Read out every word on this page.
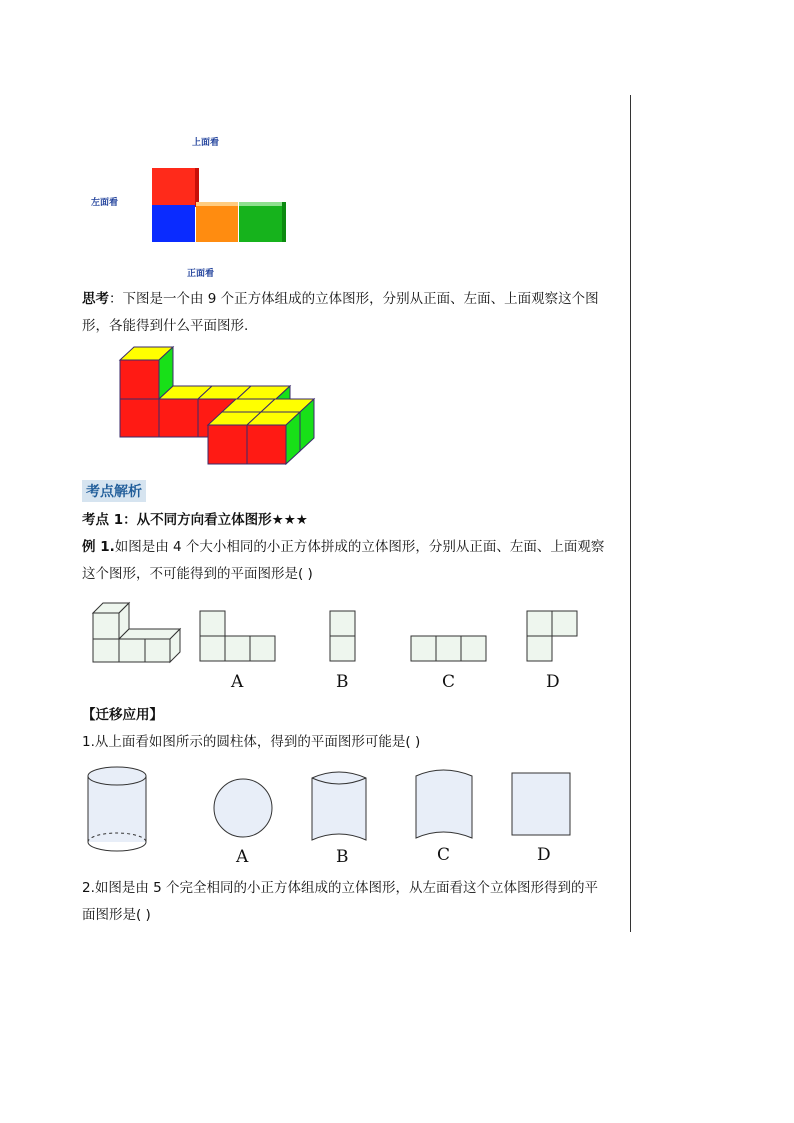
上面看
左面看
正面看
思考：下图是一个由 9 个正方体组成的立体图形，分别从正面、左面、上面观察这个图
形，各能得到什么平面图形.
考点解析
考点 1：从不同方向看立体图形★★★
例 1.如图是由 4 个大小相同的小正方体拼成的立体图形，分别从正面、左面、上面观察
这个图形，不可能得到的平面图形是( )
A	B	C	D
【迁移应用】
1.从上面看如图所示的圆柱体，得到的平面图形可能是( )
A	B	C	D
2.如图是由 5 个完全相同的小正方体组成的立体图形，从左面看这个立体图形得到的平
面图形是( )
